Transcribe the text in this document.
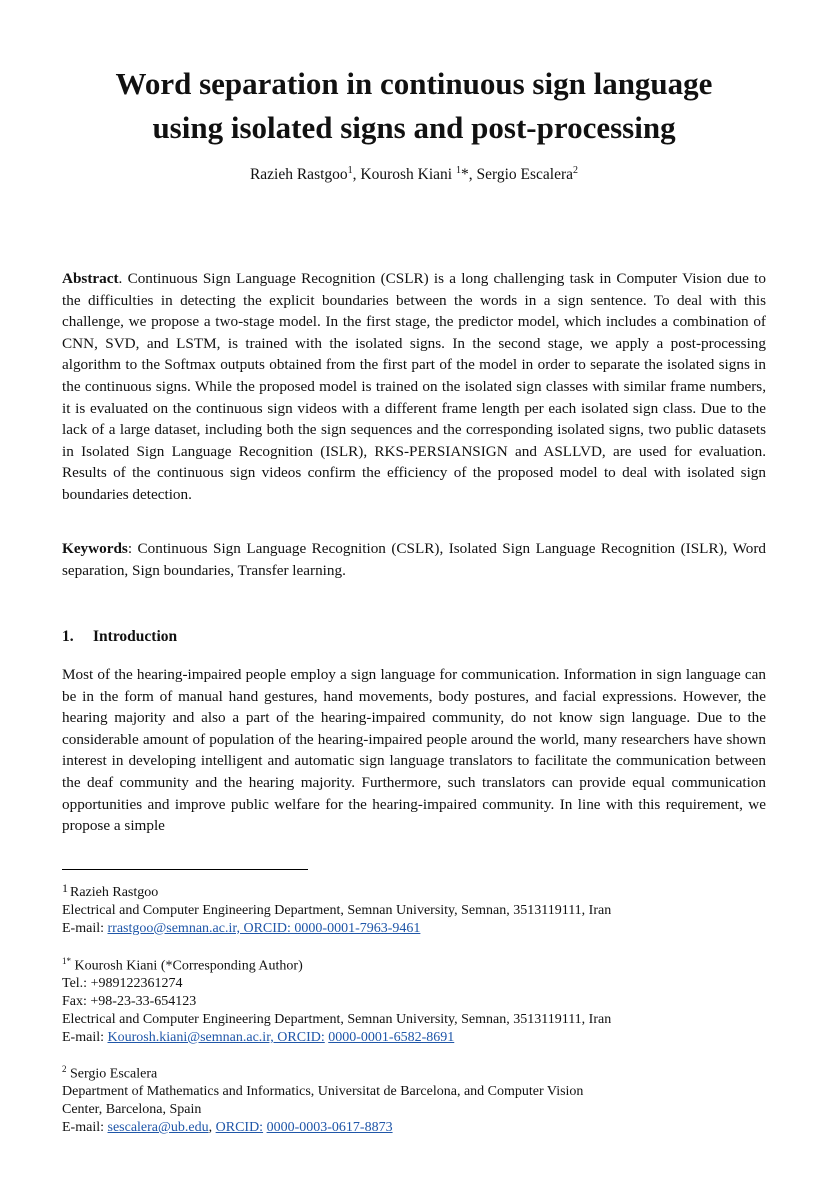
Word separation in continuous sign language
using isolated signs and post-processing
Razieh Rastgoo$^1$, Kourosh Kiani $^1$*, Sergio Escalera$^2$
Abstract. Continuous Sign Language Recognition (CSLR) is a long challenging task in Computer Vision due to the difficulties in detecting the explicit boundaries between the words in a sign sentence. To deal with this challenge, we propose a two-stage model. In the first stage, the predictor model, which includes a combination of CNN, SVD, and LSTM, is trained with the isolated signs. In the second stage, we apply a post-processing algorithm to the Softmax outputs obtained from the first part of the model in order to separate the isolated signs in the continuous signs. While the proposed model is trained on the isolated sign classes with similar frame numbers, it is evaluated on the continuous sign videos with a different frame length per each isolated sign class. Due to the lack of a large dataset, including both the sign sequences and the corresponding isolated signs, two public datasets in Isolated Sign Language Recognition (ISLR), RKS-PERSIANSIGN and ASLLVD, are used for evaluation. Results of the continuous sign videos confirm the efficiency of the proposed model to deal with isolated sign boundaries detection.
Keywords: Continuous Sign Language Recognition (CSLR), Isolated Sign Language Recognition (ISLR), Word separation, Sign boundaries, Transfer learning.
1. Introduction
Most of the hearing-impaired people employ a sign language for communication. Information in sign language can be in the form of manual hand gestures, hand movements, body postures, and facial expressions. However, the hearing majority and also a part of the hearing-impaired community, do not know sign language. Due to the considerable amount of population of the hearing-impaired people around the world, many researchers have shown interest in developing intelligent and automatic sign language translators to facilitate the communication between the deaf community and the hearing majority. Furthermore, such translators can provide equal communication opportunities and improve public welfare for the hearing-impaired community. In line with this requirement, we propose a simple
1 Razieh Rastgoo
Electrical and Computer Engineering Department, Semnan University, Semnan, 3513119111, Iran
E-mail: rrastgoo@semnan.ac.ir, ORCID: 0000-0001-7963-9461
$^{1*}$ Kourosh Kiani (*Corresponding Author)
Tel.: +989122361274
Fax: +98-23-33-654123
Electrical and Computer Engineering Department, Semnan University, Semnan, 3513119111, Iran
E-mail: Kourosh.kiani@semnan.ac.ir, ORCID: 0000-0001-6582-8691
$^2$ Sergio Escalera
Department of Mathematics and Informatics, Universitat de Barcelona, and Computer Vision
Center, Barcelona, Spain
E-mail: sescalera@ub.edu, ORCID: 0000-0003-0617-8873
